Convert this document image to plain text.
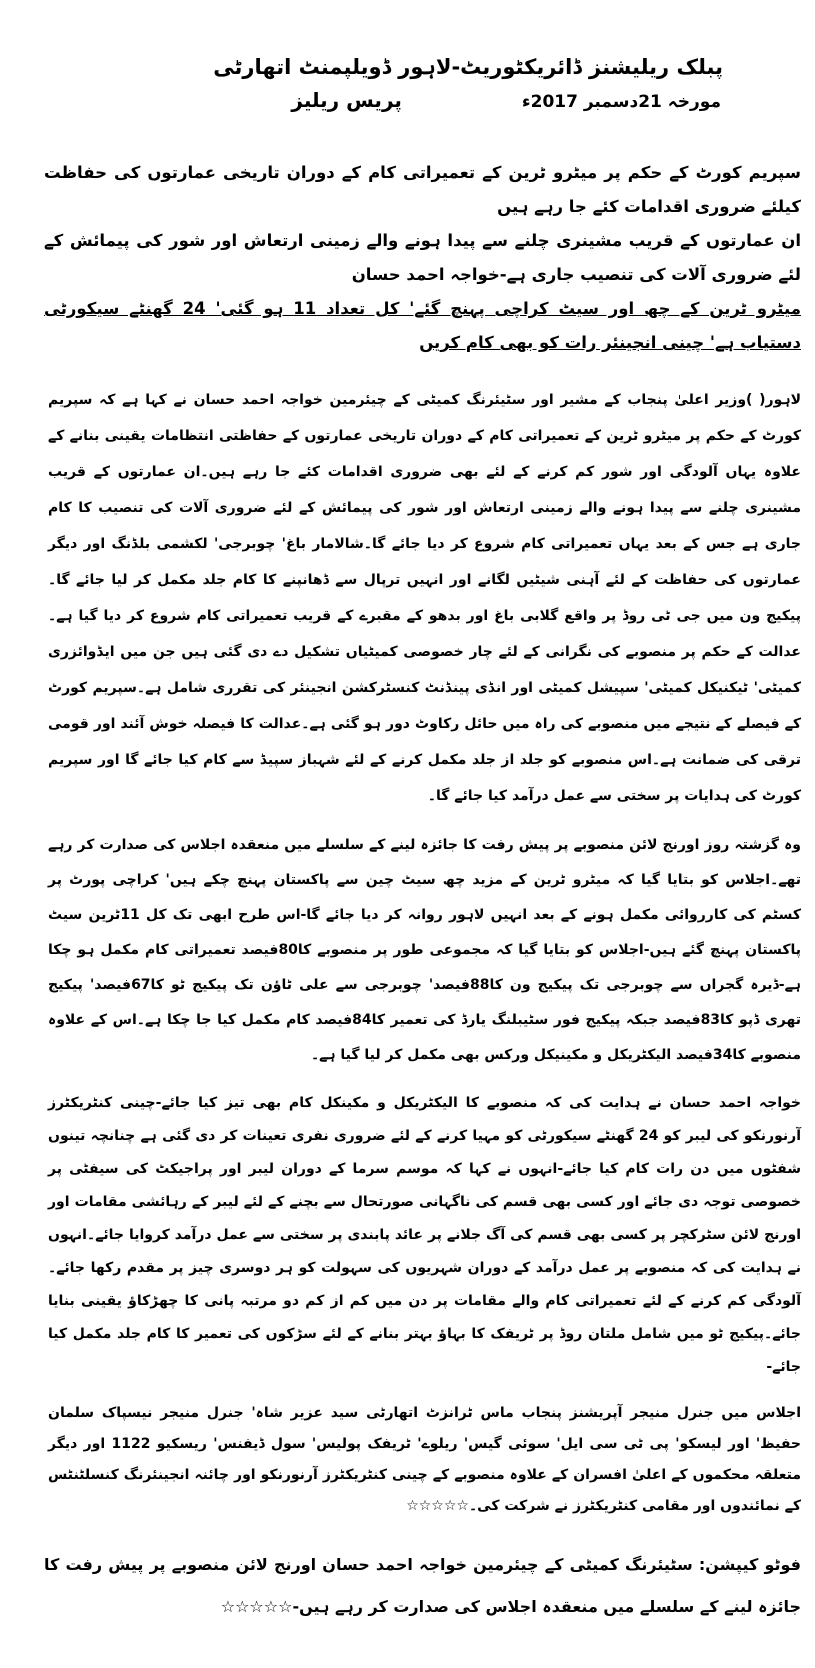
پبلک ریلیشنز ڈائریکٹوریٹ-لاہور ڈویلپمنٹ اتھارٹی
مورخہ 21دسمبر 2017ء
پریس ریلیز
سپریم کورٹ کے حکم پر میٹرو ٹرین کے تعمیراتی کام کے دوران تاریخی عمارتوں کی حفاظت کیلئے ضروری اقدامات کئے جا رہے ہیں
ان عمارتوں کے قریب مشینری چلنے سے پیدا ہونے والے زمینی ارتعاش اور شور کی پیمائش کے لئے ضروری آلات کی تنصیب جاری ہے-خواجہ احمد حسان
میٹرو ٹرین کے چھ اور سیٹ کراچی پہنچ گئے' کل تعداد 11 ہو گئی' 24 گھنٹے سیکورٹی دستیاب ہے' چینی انجینئر رات کو بھی کام کریں
لاہور( )وزیر اعلیٰ پنجاب کے مشیر اور سٹیئرنگ کمیٹی کے چیئرمین خواجہ احمد حسان نے کہا ہے کہ سپریم کورٹ کے حکم پر میٹرو ٹرین کے تعمیراتی کام کے دوران تاریخی عمارتوں کے حفاظتی انتظامات یقینی بنانے کے علاوہ یہاں آلودگی اور شور کم کرنے کے لئے بھی ضروری اقدامات کئے جا رہے ہیں۔ان عمارتوں کے قریب مشینری چلنے سے پیدا ہونے والے زمینی ارتعاش اور شور کی پیمائش کے لئے ضروری آلات کی تنصیب کا کام جاری ہے جس کے بعد یہاں تعمیراتی کام شروع کر دیا جائے گا۔شالامار باغ' چوبرجی' لکشمی بلڈنگ اور دیگر عمارتوں کی حفاظت کے لئے آہنی شیٹیں لگانے اور انہیں ترپال سے ڈھانپنے کا کام جلد مکمل کر لیا جائے گا۔پیکیج ون میں جی ٹی روڈ پر واقع گلابی باغ اور بدھو کے مقبرے کے قریب تعمیراتی کام شروع کر دیا گیا ہے۔عدالت کے حکم پر منصوبے کی نگرانی کے لئے چار خصوصی کمیٹیاں تشکیل دے دی گئی ہیں جن میں ایڈوائزری کمیٹی' ٹیکنیکل کمیٹی' سپیشل کمیٹی اور انڈی پینڈنٹ کنسٹرکشن انجینئر کی تقرری شامل ہے۔سپریم کورٹ کے فیصلے کے نتیجے میں منصوبے کی راہ میں حائل رکاوٹ دور ہو گئی ہے۔عدالت کا فیصلہ خوش آئند اور قومی ترقی کی ضمانت ہے۔اس منصوبے کو جلد از جلد مکمل کرنے کے لئے شہباز سپیڈ سے کام کیا جائے گا اور سپریم کورٹ کی ہدایات پر سختی سے عمل درآمد کیا جائے گا۔
وہ گزشتہ روز اورنج لائن منصوبے پر پیش رفت کا جائزہ لینے کے سلسلے میں منعقدہ اجلاس کی صدارت کر رہے تھے۔اجلاس کو بتایا گیا کہ میٹرو ٹرین کے مزید چھ سیٹ چین سے پاکستان پہنچ چکے ہیں' کراچی پورٹ پر کسٹم کی کارروائی مکمل ہونے کے بعد انہیں لاہور روانہ کر دیا جائے گا-اس طرح ابھی تک کل 11ٹرین سیٹ پاکستان پہنچ گئے ہیں-اجلاس کو بتایا گیا کہ مجموعی طور پر منصوبے کا80فیصد تعمیراتی کام مکمل ہو چکا ہے-ڈیرہ گجراں سے چوبرجی تک پیکیج ون کا88فیصد' چوبرجی سے علی ٹاؤن تک پیکیج ٹو کا67فیصد' پیکیج تھری ڈپو کا83فیصد جبکہ پیکیج فور سٹیبلنگ یارڈ کی تعمیر کا84فیصد کام مکمل کیا جا چکا ہے۔اس کے علاوہ منصوبے کا34فیصد الیکٹریکل و مکینیکل ورکس بھی مکمل کر لیا گیا ہے۔
خواجہ احمد حسان نے ہدایت کی کہ منصوبے کا الیکٹریکل و مکینکل کام بھی تیز کیا جائے-چینی کنٹریکٹرز آرنورنکو کی لیبر کو 24 گھنٹے سیکورٹی کو مہیا کرنے کے لئے ضروری نفری تعینات کر دی گئی ہے چنانچہ تینوں شفٹوں میں دن رات کام کیا جائے-انہوں نے کہا کہ موسم سرما کے دوران لیبر اور پراجیکٹ کی سیفٹی پر خصوصی توجہ دی جائے اور کسی بھی قسم کی ناگہانی صورتحال سے بچنے کے لئے لیبر کے رہائشی مقامات اور اورنج لائن سٹرکچر پر کسی بھی قسم کی آگ جلانے پر عائد پابندی پر سختی سے عمل درآمد کروایا جائے۔انہوں نے ہدایت کی کہ منصوبے پر عمل درآمد کے دوران شہریوں کی سہولت کو ہر دوسری چیز پر مقدم رکھا جائے۔آلودگی کم کرنے کے لئے تعمیراتی کام والے مقامات پر دن میں کم از کم دو مرتبہ پانی کا چھڑکاؤ یقینی بنایا جائے۔پیکیج ٹو میں شامل ملتان روڈ پر ٹریفک کا بہاؤ بہتر بنانے کے لئے سڑکوں کی تعمیر کا کام جلد مکمل کیا جائے-
اجلاس میں جنرل منیجر آپریشنز پنجاب ماس ٹرانزٹ اتھارٹی سید عزیر شاہ' جنرل منیجر نیسپاک سلمان حفیظ' اور لیسکو' پی ٹی سی ایل' سوئی گیس' ریلوے' ٹریفک پولیس' سول ڈیفنس' ریسکیو 1122 اور دیگر متعلقہ محکموں کے اعلیٰ افسران کے علاوہ منصوبے کے چینی کنٹریکٹرز آرنورنکو اور چائنہ انجینئرنگ کنسلٹنٹس کے نمائندوں اور مقامی کنٹریکٹرز نے شرکت کی۔☆☆☆☆☆
فوٹو کیپشن: سٹیئرنگ کمیٹی کے چیئرمین خواجہ احمد حسان اورنج لائن منصوبے پر پیش رفت کا جائزہ لینے کے سلسلے میں منعقدہ اجلاس کی صدارت کر رہے ہیں-☆☆☆☆☆
